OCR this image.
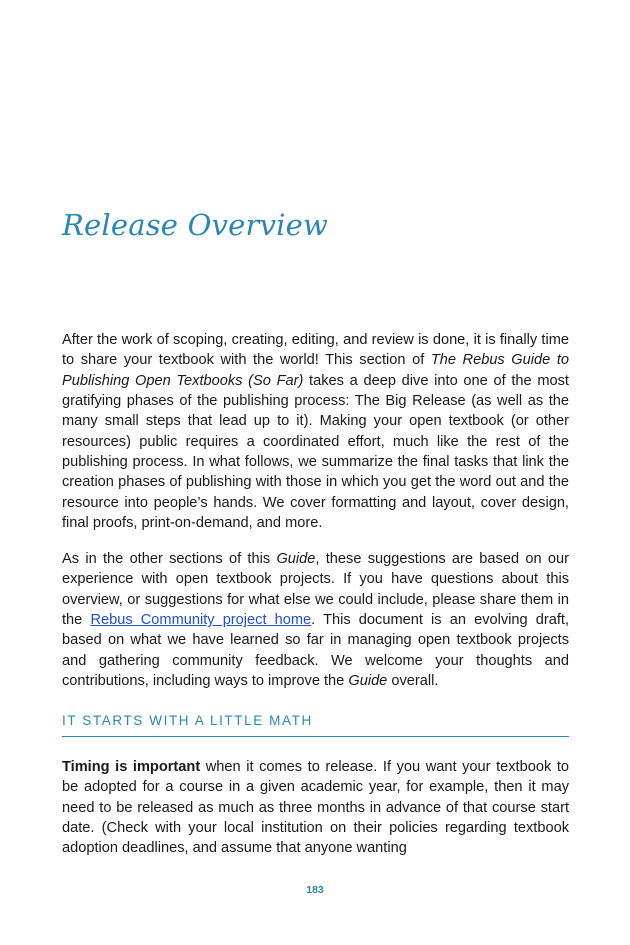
Release Overview

After the work of scoping, creating, editing, and review is done, it is finally time to share your textbook with the world! This section of The Rebus Guide to Publishing Open Textbooks (So Far) takes a deep dive into one of the most gratifying phases of the publishing process: The Big Release (as well as the many small steps that lead up to it). Making your open textbook (or other resources) public requires a coordinated effort, much like the rest of the publishing process. In what follows, we summarize the final tasks that link the creation phases of publishing with those in which you get the word out and the resource into people’s hands. We cover formatting and layout, cover design, final proofs, print-on-demand, and more.

As in the other sections of this Guide, these suggestions are based on our experience with open textbook projects. If you have questions about this overview, or suggestions for what else we could include, please share them in the Rebus Community project home. This document is an evolving draft, based on what we have learned so far in managing open textbook projects and gathering community feedback. We welcome your thoughts and contributions, including ways to improve the Guide overall.

IT STARTS WITH A LITTLE MATH

Timing is important when it comes to release. If you want your textbook to be adopted for a course in a given academic year, for example, then it may need to be released as much as three months in advance of that course start date. (Check with your local institution on their policies regarding textbook adoption deadlines, and assume that anyone wanting

183
